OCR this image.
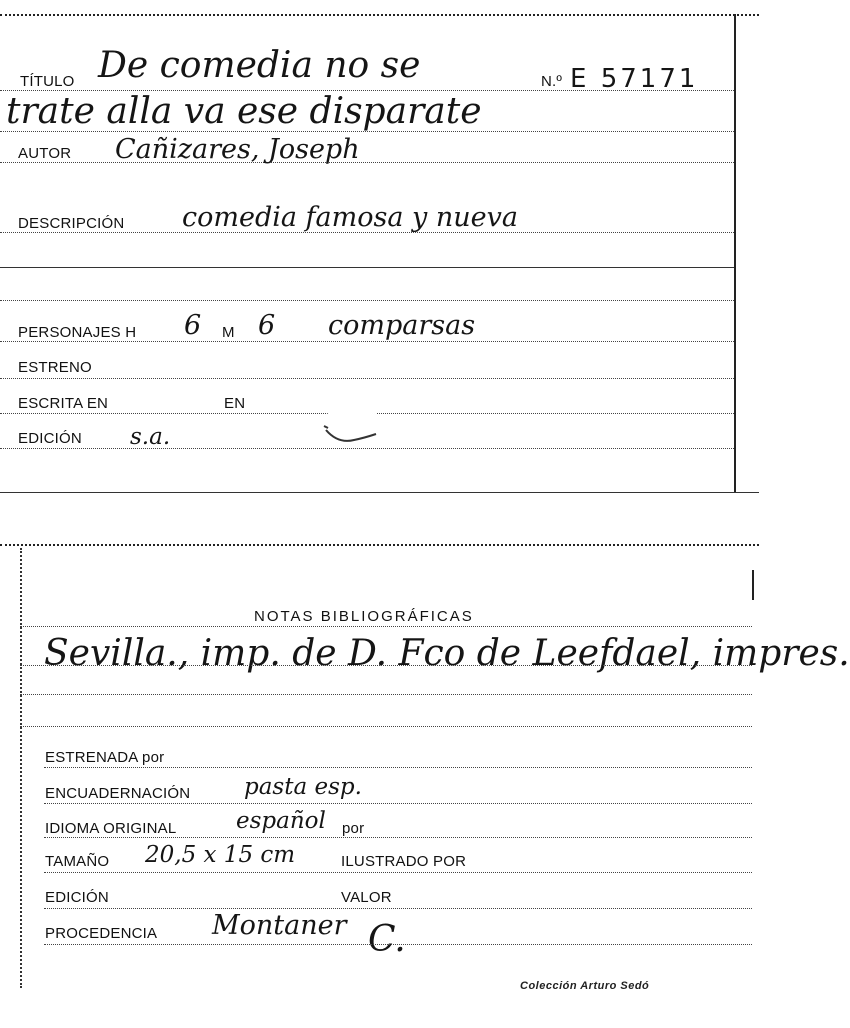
TÍTULO De comedia no se	N.º E 57171
trate alla va ese disparate
AUTOR Cañizares, Joseph
DESCRIPCIÓN comedia famosa y nueva
PERSONAJES H 6 M 6 comparsas
ESTRENO
ESCRITA EN	EN
EDICIÓN s.a.
NOTAS BIBLIOGRÁFICAS
Sevilla., imp. de D. Fco de Leefdael, impres.
ESTRENADA por
ENCUADERNACIÓN pasta esp.
IDIOMA ORIGINAL	español por
TAMAÑO 20,5 x 15 cm	ILUSTRADO POR
EDICIÓN	VALOR
PROCEDENCIA Montaner C.
Colección Arturo Sedó
